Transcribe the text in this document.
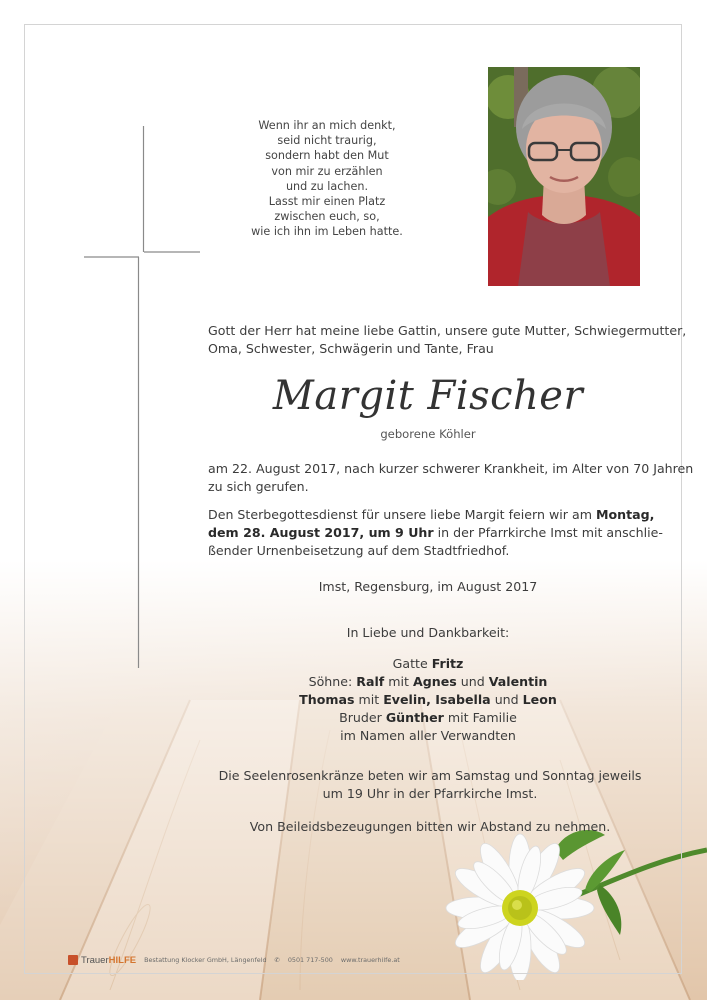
Wenn ihr an mich denkt,
seid nicht traurig,
sondern habt den Mut
von mir zu erzählen
und zu lachen.
Lasst mir einen Platz
zwischen euch, so,
wie ich ihn im Leben hatte.
Gott der Herr hat meine liebe Gattin, unsere gute Mutter, Schwiegermutter,
Oma, Schwester, Schwägerin und Tante, Frau
Margit Fischer
geborene Köhler
am 22. August 2017, nach kurzer schwerer Krankheit, im Alter von 70 Jahren
zu sich gerufen.
Den Sterbegottesdienst für unsere liebe Margit feiern wir am Montag,
dem 28. August 2017, um 9 Uhr in der Pfarrkirche Imst mit anschlie-
ßender Urnenbeisetzung auf dem Stadtfriedhof.
Imst, Regensburg, im August 2017
In Liebe und Dankbarkeit:
Gatte Fritz
Söhne: Ralf mit Agnes und Valentin
Thomas mit Evelin, Isabella und Leon
Bruder Günther mit Familie
im Namen aller Verwandten
Die Seelenrosenkränze beten wir am Samstag und Sonntag jeweils
um 19 Uhr in der Pfarrkirche Imst.
Von Beileidsbezeugungen bitten wir Abstand zu nehmen.
TrauerHILFE Bestattung Klocker GmbH, Längenfeld ✆ 0501 717-500 www.trauerhilfe.at
